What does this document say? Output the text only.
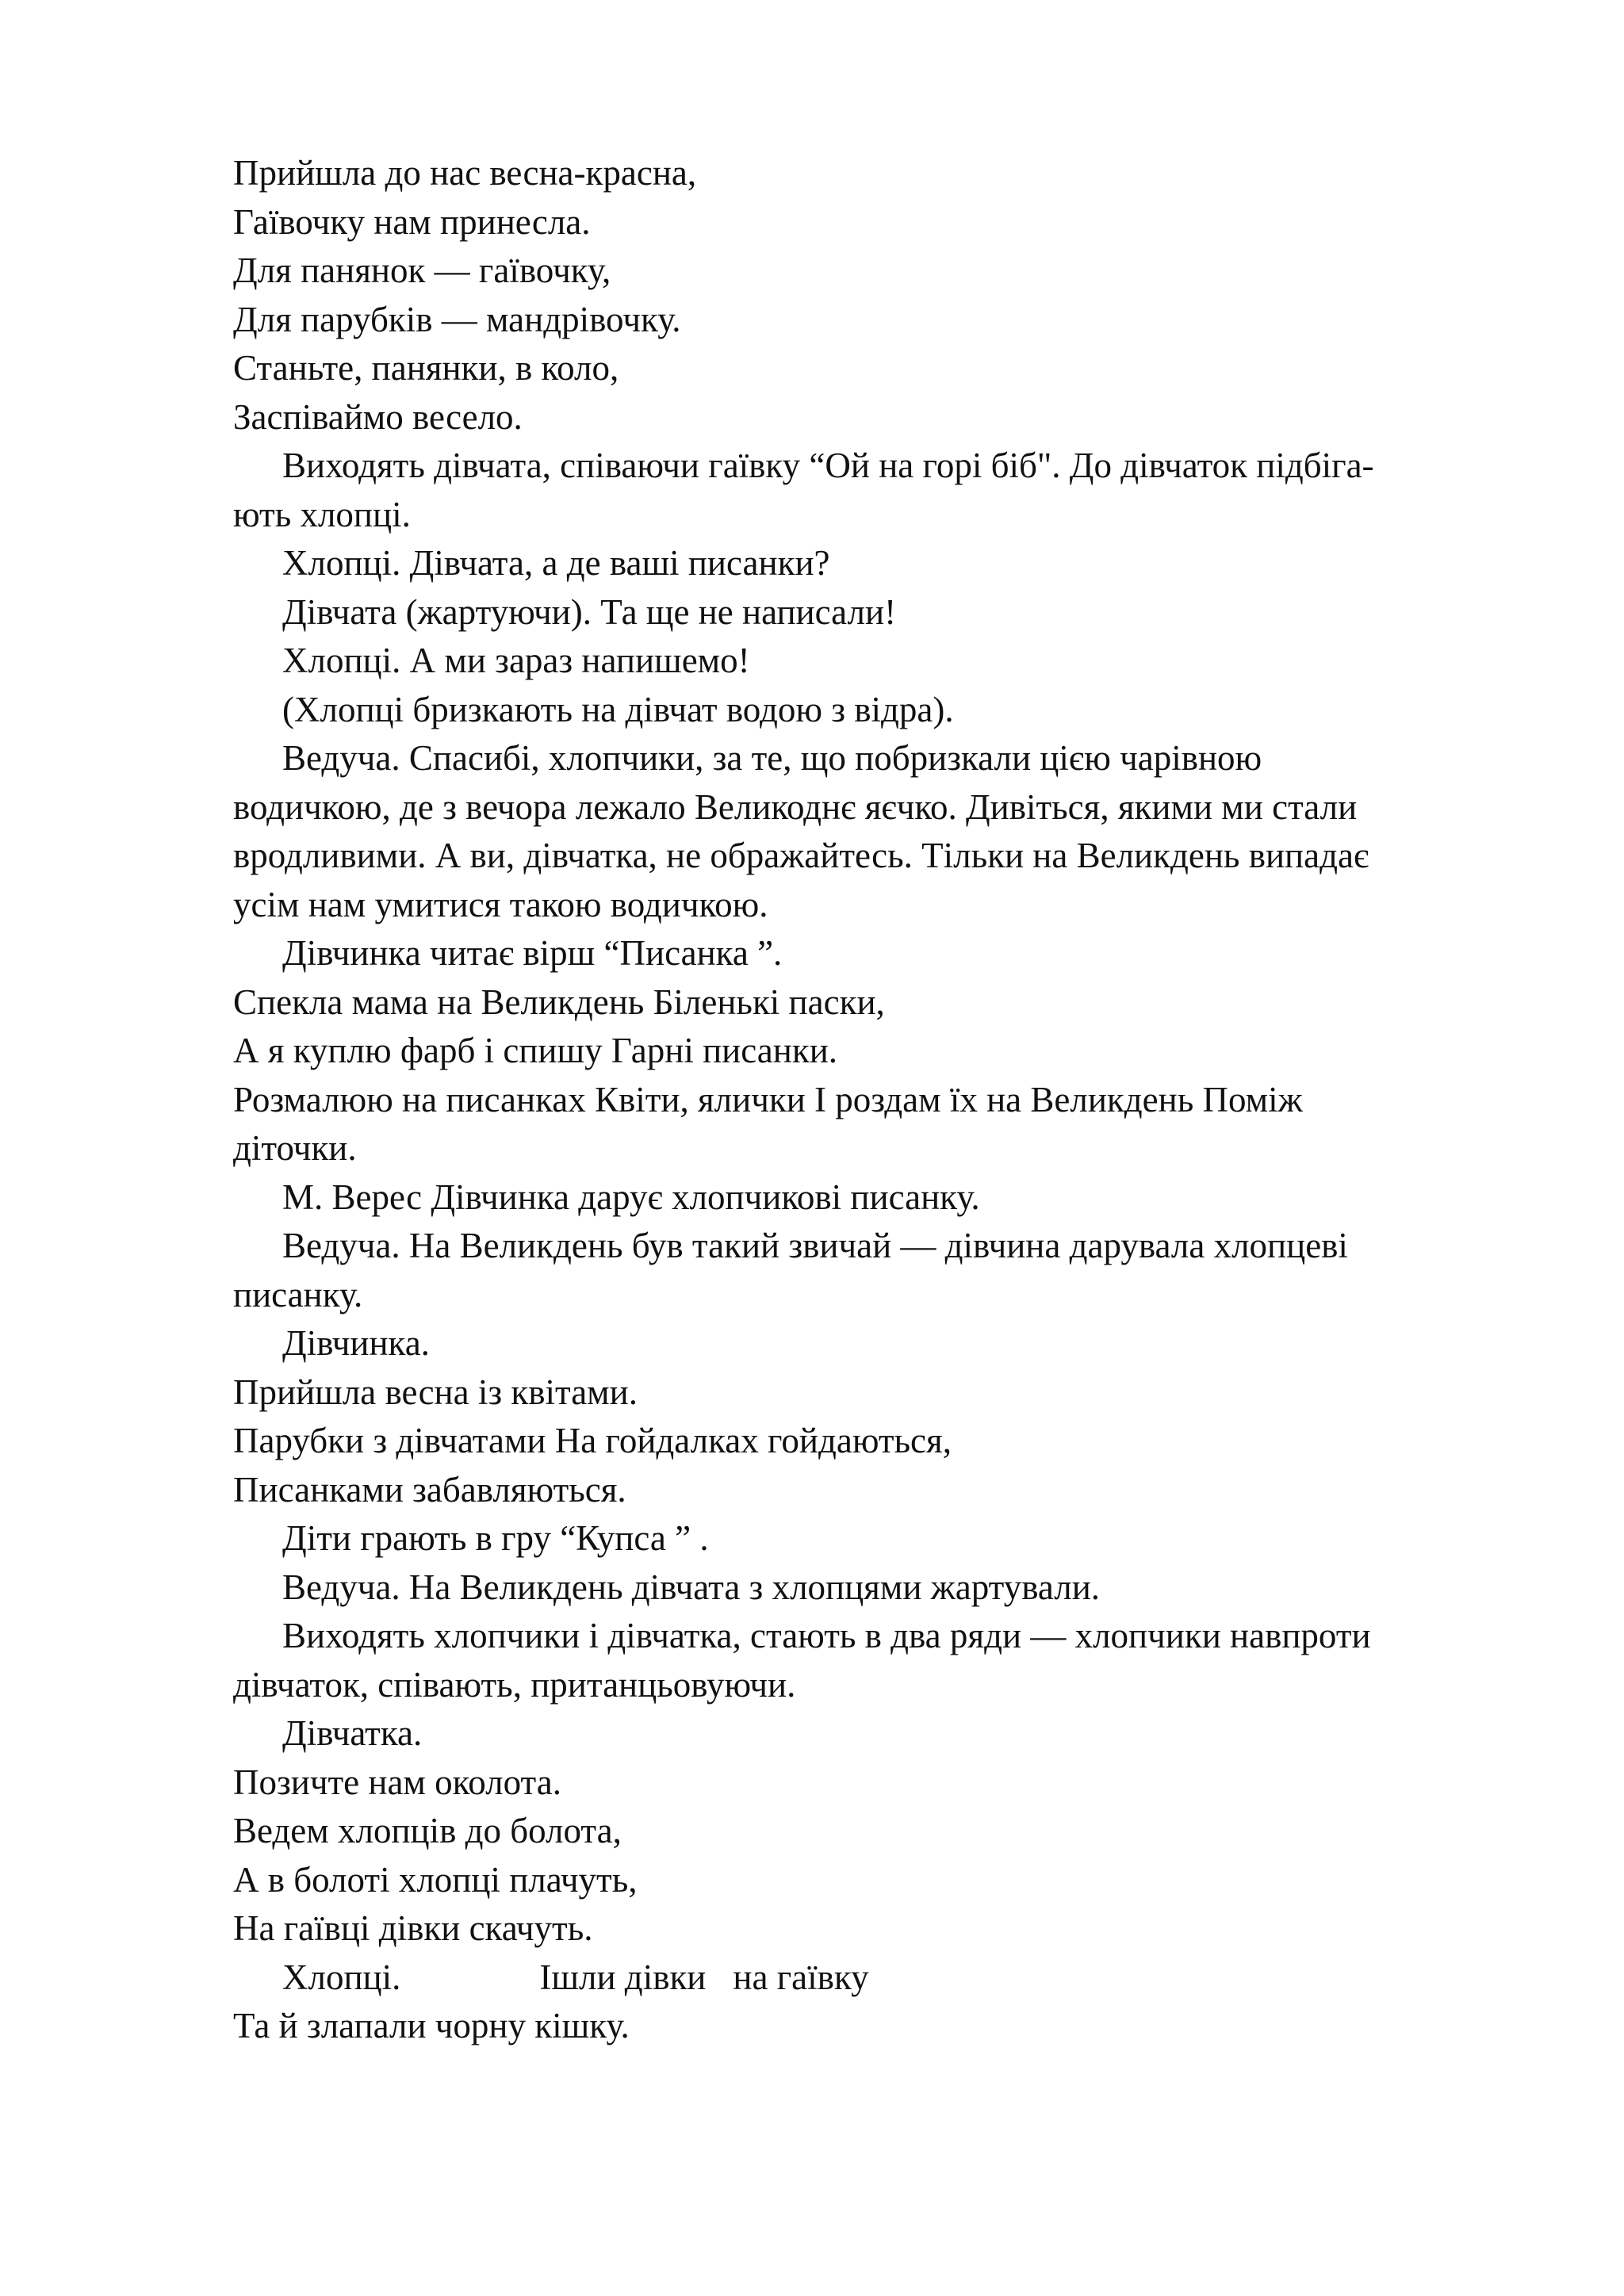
Прийшла до нас весна-красна,
Гаївочку нам принесла.
Для панянок — гаївочку,
Для парубків — мандрівочку.
Станьте, панянки, в коло,
Заспіваймо весело.
Виходять дівчата, співаючи гаївку “Ой на горі біб". До дівчаток підбіга-
ють хлопці.
Хлопці. Дівчата, а де ваші писанки?
Дівчата (жартуючи). Та ще не написали!
Хлопці. А ми зараз напишемо!
(Хлопці бризкають на дівчат водою з відра).
Ведуча. Спасибі, хлопчики, за те, що побризкали цією чарівною
водичкою, де з вечора лежало Великоднє яєчко. Дивіться, якими ми стали
вродливими. А ви, дівчатка, не ображайтесь. Тільки на Великдень випадає
усім нам умитися такою водичкою.
Дівчинка читає вірш “Писанка ”.
Спекла мама на Великдень Біленькі паски,
А я куплю фарб і спишу Гарні писанки.
Розмалюю на писанках Квіти, ялички І роздам їх на Великдень Поміж
діточки.
М. Верес Дівчинка дарує хлопчикові писанку.
Ведуча. На Великдень був такий звичай — дівчина дарувала хлопцеві
писанку.
Дівчинка.
Прийшла весна із квітами.
Парубки з дівчатами На гойдалках гойдаються,
Писанками забавляються.
Діти грають в гру “Купса ” .
Ведуча. На Великдень дівчата з хлопцями жартували.
Виходять хлопчики і дівчатка, стають в два ряди — хлопчики навпроти
дівчаток, співають, пританцьовуючи.
Дівчатка.
Позичте нам околота.
Ведем хлопців до болота,
А в болоті хлопці плачуть,
На гаївці дівки скачуть.
Хлопці.	Ішли дівки на гаївку
Та й злапали чорну кішку.
